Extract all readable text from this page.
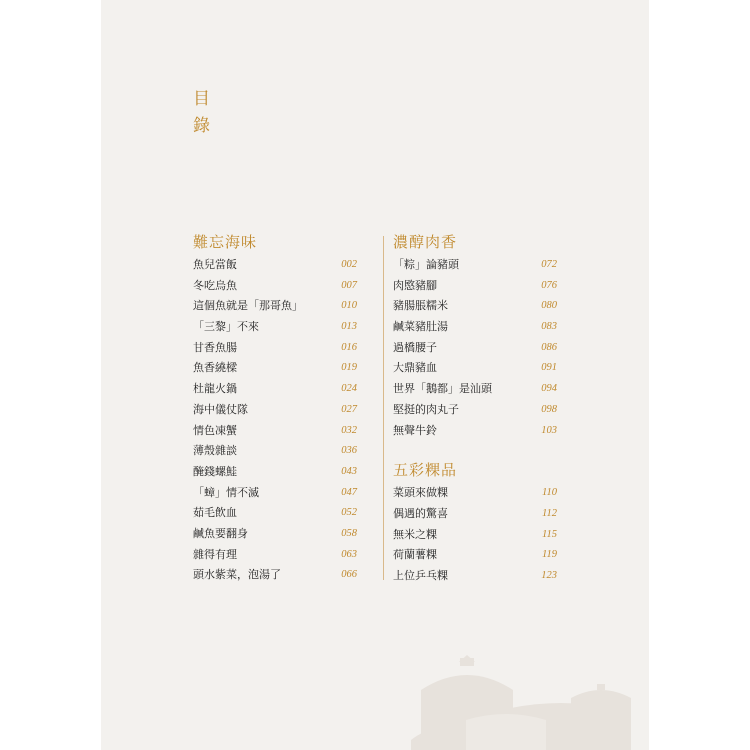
目
錄
難忘海味
魚兒當飯	002
冬吃烏魚	007
這個魚就是「那哥魚」	010
「三黎」不來	013
甘香魚腸	016
魚香繞樑	019
杜龍火鍋	024
海中儀仗隊	027
情色凍蟹	032
薄殼雜談	036
醃錢螺鮭	043
「蟑」情不滅	047
茹毛飲血	052
鹹魚要翻身	058
雜得有理	063
頭水紫菜，泡湯了	066
濃醇肉香
「粽」論豬頭	072
肉愍豬腳	076
豬腸脹糯米	080
鹹菜豬肚湯	083
過橋腰子	086
大鼎豬血	091
世界「鵝都」是汕頭	094
堅挺的肉丸子	098
無聲牛鈴	103
五彩粿品
菜頭來做粿	110
偶遇的驚喜	112
無米之粿	115
荷蘭薯粿	119
上位乒乓粿	123
